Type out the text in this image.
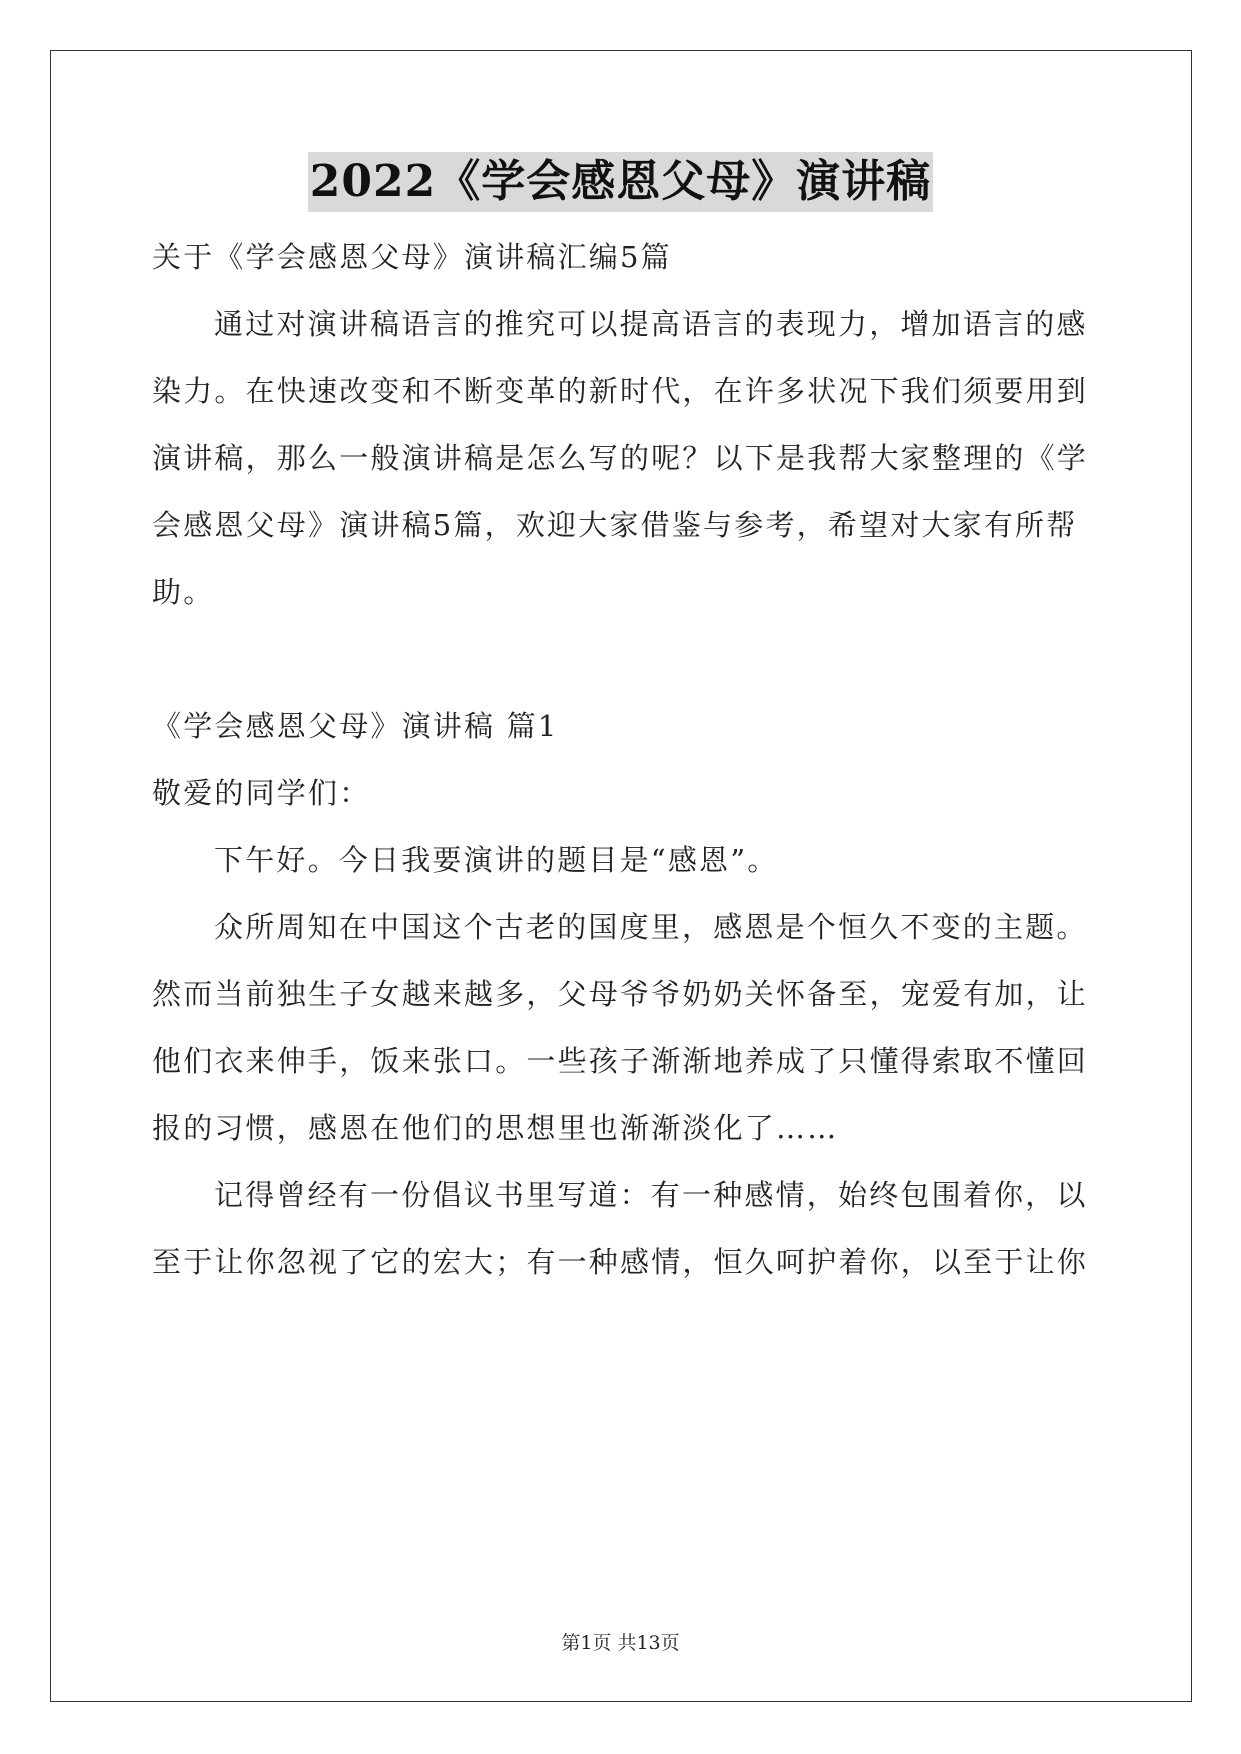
2022《学会感恩父母》演讲稿
关于《学会感恩父母》演讲稿汇编5篇
通过对演讲稿语言的推究可以提高语言的表现力，增加语言的感
染力。在快速改变和不断变革的新时代，在许多状况下我们须要用到
演讲稿，那么一般演讲稿是怎么写的呢？以下是我帮大家整理的《学
会感恩父母》演讲稿5篇，欢迎大家借鉴与参考，希望对大家有所帮
助。
《学会感恩父母》演讲稿 篇1
敬爱的同学们：
下午好。今日我要演讲的题目是“感恩”。
众所周知在中国这个古老的国度里，感恩是个恒久不变的主题。
然而当前独生子女越来越多，父母爷爷奶奶关怀备至，宠爱有加，让
他们衣来伸手，饭来张口。一些孩子渐渐地养成了只懂得索取不懂回
报的习惯，感恩在他们的思想里也渐渐淡化了……
记得曾经有一份倡议书里写道：有一种感情，始终包围着你，以
至于让你忽视了它的宏大；有一种感情，恒久呵护着你，以至于让你
第1页 共13页
